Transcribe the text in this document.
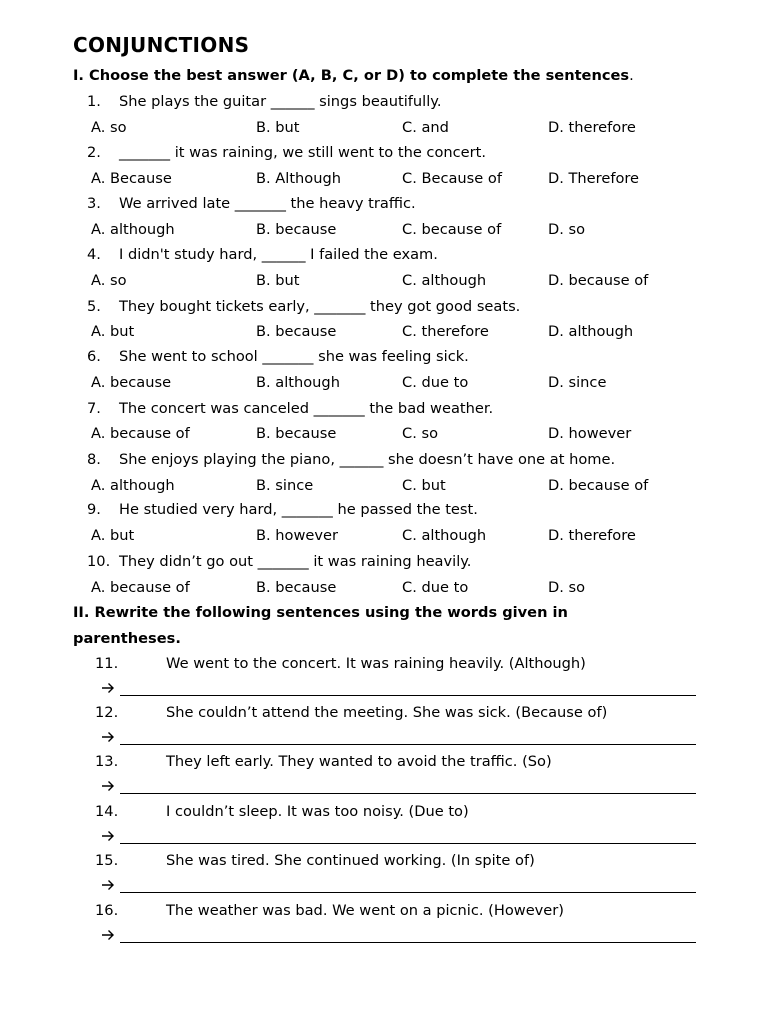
CONJUNCTIONS
I. Choose the best answer (A, B, C, or D) to complete the sentences.
1. She plays the guitar ______ sings beautifully.
A. so	B. but	C. and	D. therefore
2. _______ it was raining, we still went to the concert.
A. Because	B. Although	C. Because of	D. Therefore
3. We arrived late _______ the heavy traffic.
A. although	B. because	C. because of	D. so
4. I didn't study hard, ______ I failed the exam.
A. so	B. but	C. although	D. because of
5. They bought tickets early, _______ they got good seats.
A. but	B. because	C. therefore	D. although
6. She went to school _______ she was feeling sick.
A. because	B. although	C. due to	D. since
7. The concert was canceled _______ the bad weather.
A. because of	B. because	C. so	D. however
8. She enjoys playing the piano, ______ she doesn’t have one at home.
A. although	B. since	C. but	D. because of
9. He studied very hard, _______ he passed the test.
A. but	B. however	C. although	D. therefore
10. They didn’t go out _______ it was raining heavily.
A. because of	B. because	C. due to	D. so
II. Rewrite the following sentences using the words given in
parentheses.
11.	We went to the concert. It was raining heavily. (Although)
12.	She couldn’t attend the meeting. She was sick. (Because of)
13.	They left early. They wanted to avoid the traffic. (So)
14.	I couldn’t sleep. It was too noisy. (Due to)
15.	She was tired. She continued working. (In spite of)
16.	The weather was bad. We went on a picnic. (However)
